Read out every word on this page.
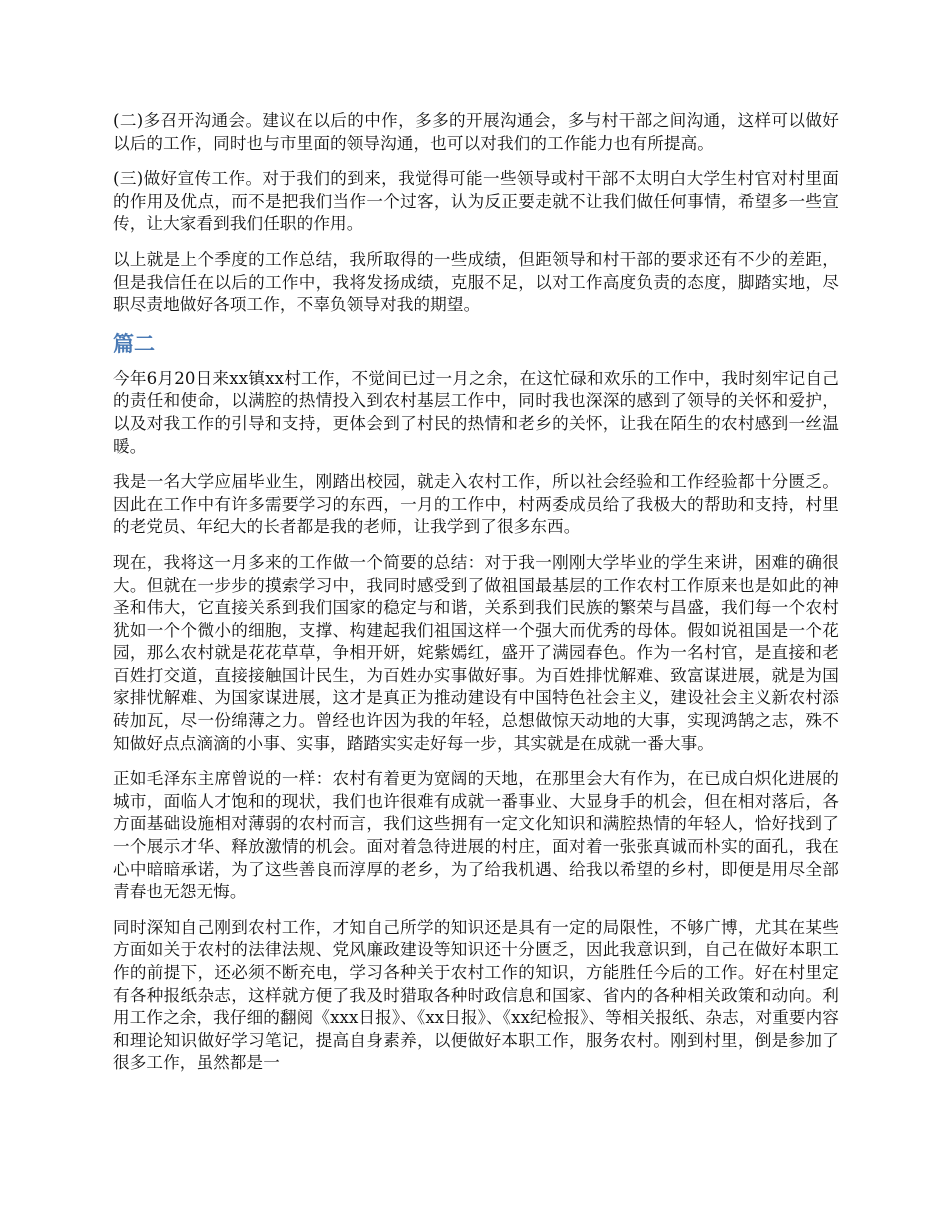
(二)多召开沟通会。建议在以后的中作，多多的开展沟通会，多与村干部之间沟通，这样可以做好以后的工作，同时也与市里面的领导沟通，也可以对我们的工作能力也有所提高。

(三)做好宣传工作。对于我们的到来，我觉得可能一些领导或村干部不太明白大学生村官对村里面的作用及优点，而不是把我们当作一个过客，认为反正要走就不让我们做任何事情，希望多一些宣传，让大家看到我们任职的作用。

以上就是上个季度的工作总结，我所取得的一些成绩，但距领导和村干部的要求还有不少的差距，但是我信任在以后的工作中，我将发扬成绩，克服不足，以对工作高度负责的态度，脚踏实地，尽职尽责地做好各项工作，不辜负领导对我的期望。

篇二

今年6月20日来xx镇xx村工作，不觉间已过一月之余，在这忙碌和欢乐的工作中，我时刻牢记自己的责任和使命，以满腔的热情投入到农村基层工作中，同时我也深深的感到了领导的关怀和爱护，以及对我工作的引导和支持，更体会到了村民的热情和老乡的关怀，让我在陌生的农村感到一丝温暖。

我是一名大学应届毕业生，刚踏出校园，就走入农村工作，所以社会经验和工作经验都十分匮乏。因此在工作中有许多需要学习的东西，一月的工作中，村两委成员给了我极大的帮助和支持，村里的老党员、年纪大的长者都是我的老师，让我学到了很多东西。

现在，我将这一月多来的工作做一个简要的总结：对于我一刚刚大学毕业的学生来讲，困难的确很大。但就在一步步的摸索学习中，我同时感受到了做祖国最基层的工作农村工作原来也是如此的神圣和伟大，它直接关系到我们国家的稳定与和谐，关系到我们民族的繁荣与昌盛，我们每一个农村犹如一个个微小的细胞，支撑、构建起我们祖国这样一个强大而优秀的母体。假如说祖国是一个花园，那么农村就是花花草草，争相开妍，姹紫嫣红，盛开了满园春色。作为一名村官，是直接和老百姓打交道，直接接触国计民生，为百姓办实事做好事。为百姓排忧解难、致富谋进展，就是为国家排忧解难、为国家谋进展，这才是真正为推动建设有中国特色社会主义，建设社会主义新农村添砖加瓦，尽一份绵薄之力。曾经也许因为我的年轻，总想做惊天动地的大事，实现鸿鹄之志，殊不知做好点点滴滴的小事、实事，踏踏实实走好每一步，其实就是在成就一番大事。

正如毛泽东主席曾说的一样：农村有着更为宽阔的天地，在那里会大有作为，在已成白炽化进展的城市，面临人才饱和的现状，我们也许很难有成就一番事业、大显身手的机会，但在相对落后，各方面基础设施相对薄弱的农村而言，我们这些拥有一定文化知识和满腔热情的年轻人，恰好找到了一个展示才华、释放激情的机会。面对着急待进展的村庄，面对着一张张真诚而朴实的面孔，我在心中暗暗承诺，为了这些善良而淳厚的老乡，为了给我机遇、给我以希望的乡村，即便是用尽全部青春也无怨无悔。

同时深知自己刚到农村工作，才知自己所学的知识还是具有一定的局限性，不够广博，尤其在某些方面如关于农村的法律法规、党风廉政建设等知识还十分匮乏，因此我意识到，自己在做好本职工作的前提下，还必须不断充电，学习各种关于农村工作的知识，方能胜任今后的工作。好在村里定有各种报纸杂志，这样就方便了我及时猎取各种时政信息和国家、省内的各种相关政策和动向。利用工作之余，我仔细的翻阅《xxx日报》、《xx日报》、《xx纪检报》、等相关报纸、杂志，对重要内容和理论知识做好学习笔记，提高自身素养，以便做好本职工作，服务农村。刚到村里，倒是参加了很多工作，虽然都是一
